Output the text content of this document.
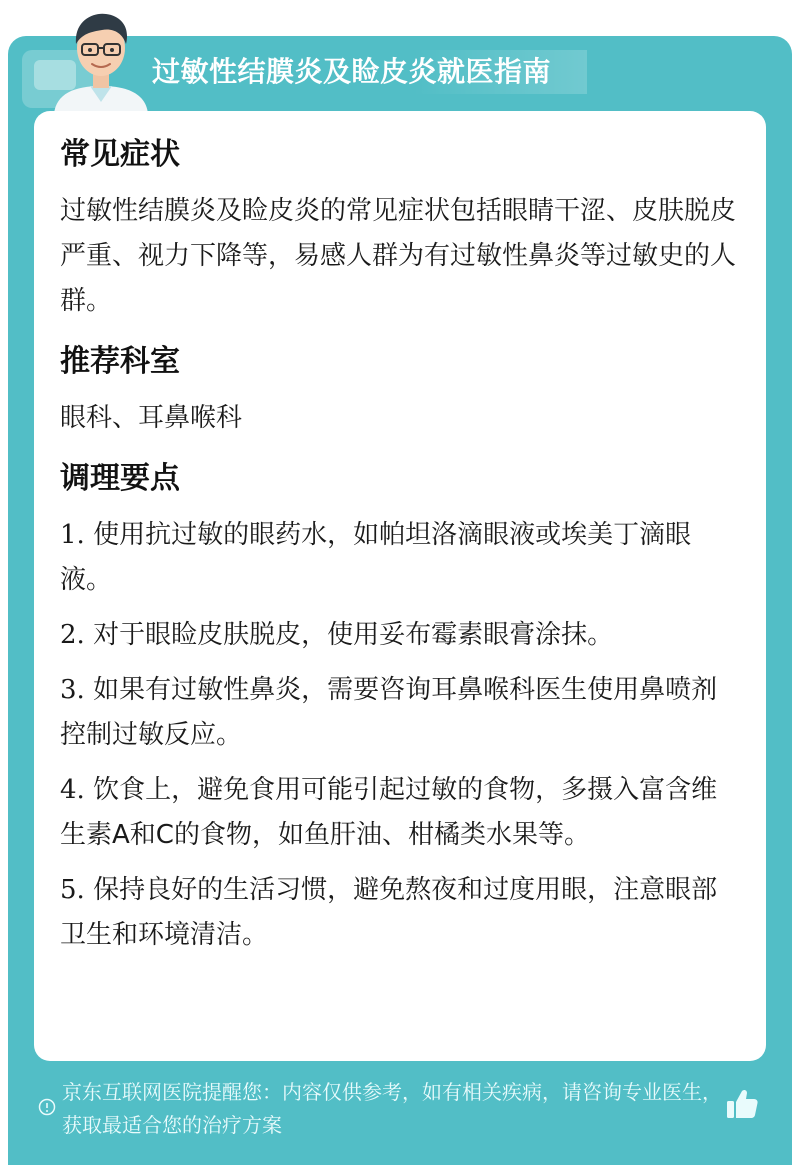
过敏性结膜炎及睑皮炎就医指南
常见症状

过敏性结膜炎及睑皮炎的常见症状包括眼睛干涩、皮肤脱皮严重、视力下降等，易感人群为有过敏性鼻炎等过敏史的人群。

推荐科室

眼科、耳鼻喉科

调理要点

1. 使用抗过敏的眼药水，如帕坦洛滴眼液或埃美丁滴眼液。

2. 对于眼睑皮肤脱皮，使用妥布霉素眼膏涂抹。

3. 如果有过敏性鼻炎，需要咨询耳鼻喉科医生使用鼻喷剂控制过敏反应。

4. 饮食上，避免食用可能引起过敏的食物，多摄入富含维生素A和C的食物，如鱼肝油、柑橘类水果等。

5. 保持良好的生活习惯，避免熬夜和过度用眼，注意眼部卫生和环境清洁。

京东互联网医院提醒您：内容仅供参考，如有相关疾病，请咨询专业医生，获取最适合您的治疗方案
